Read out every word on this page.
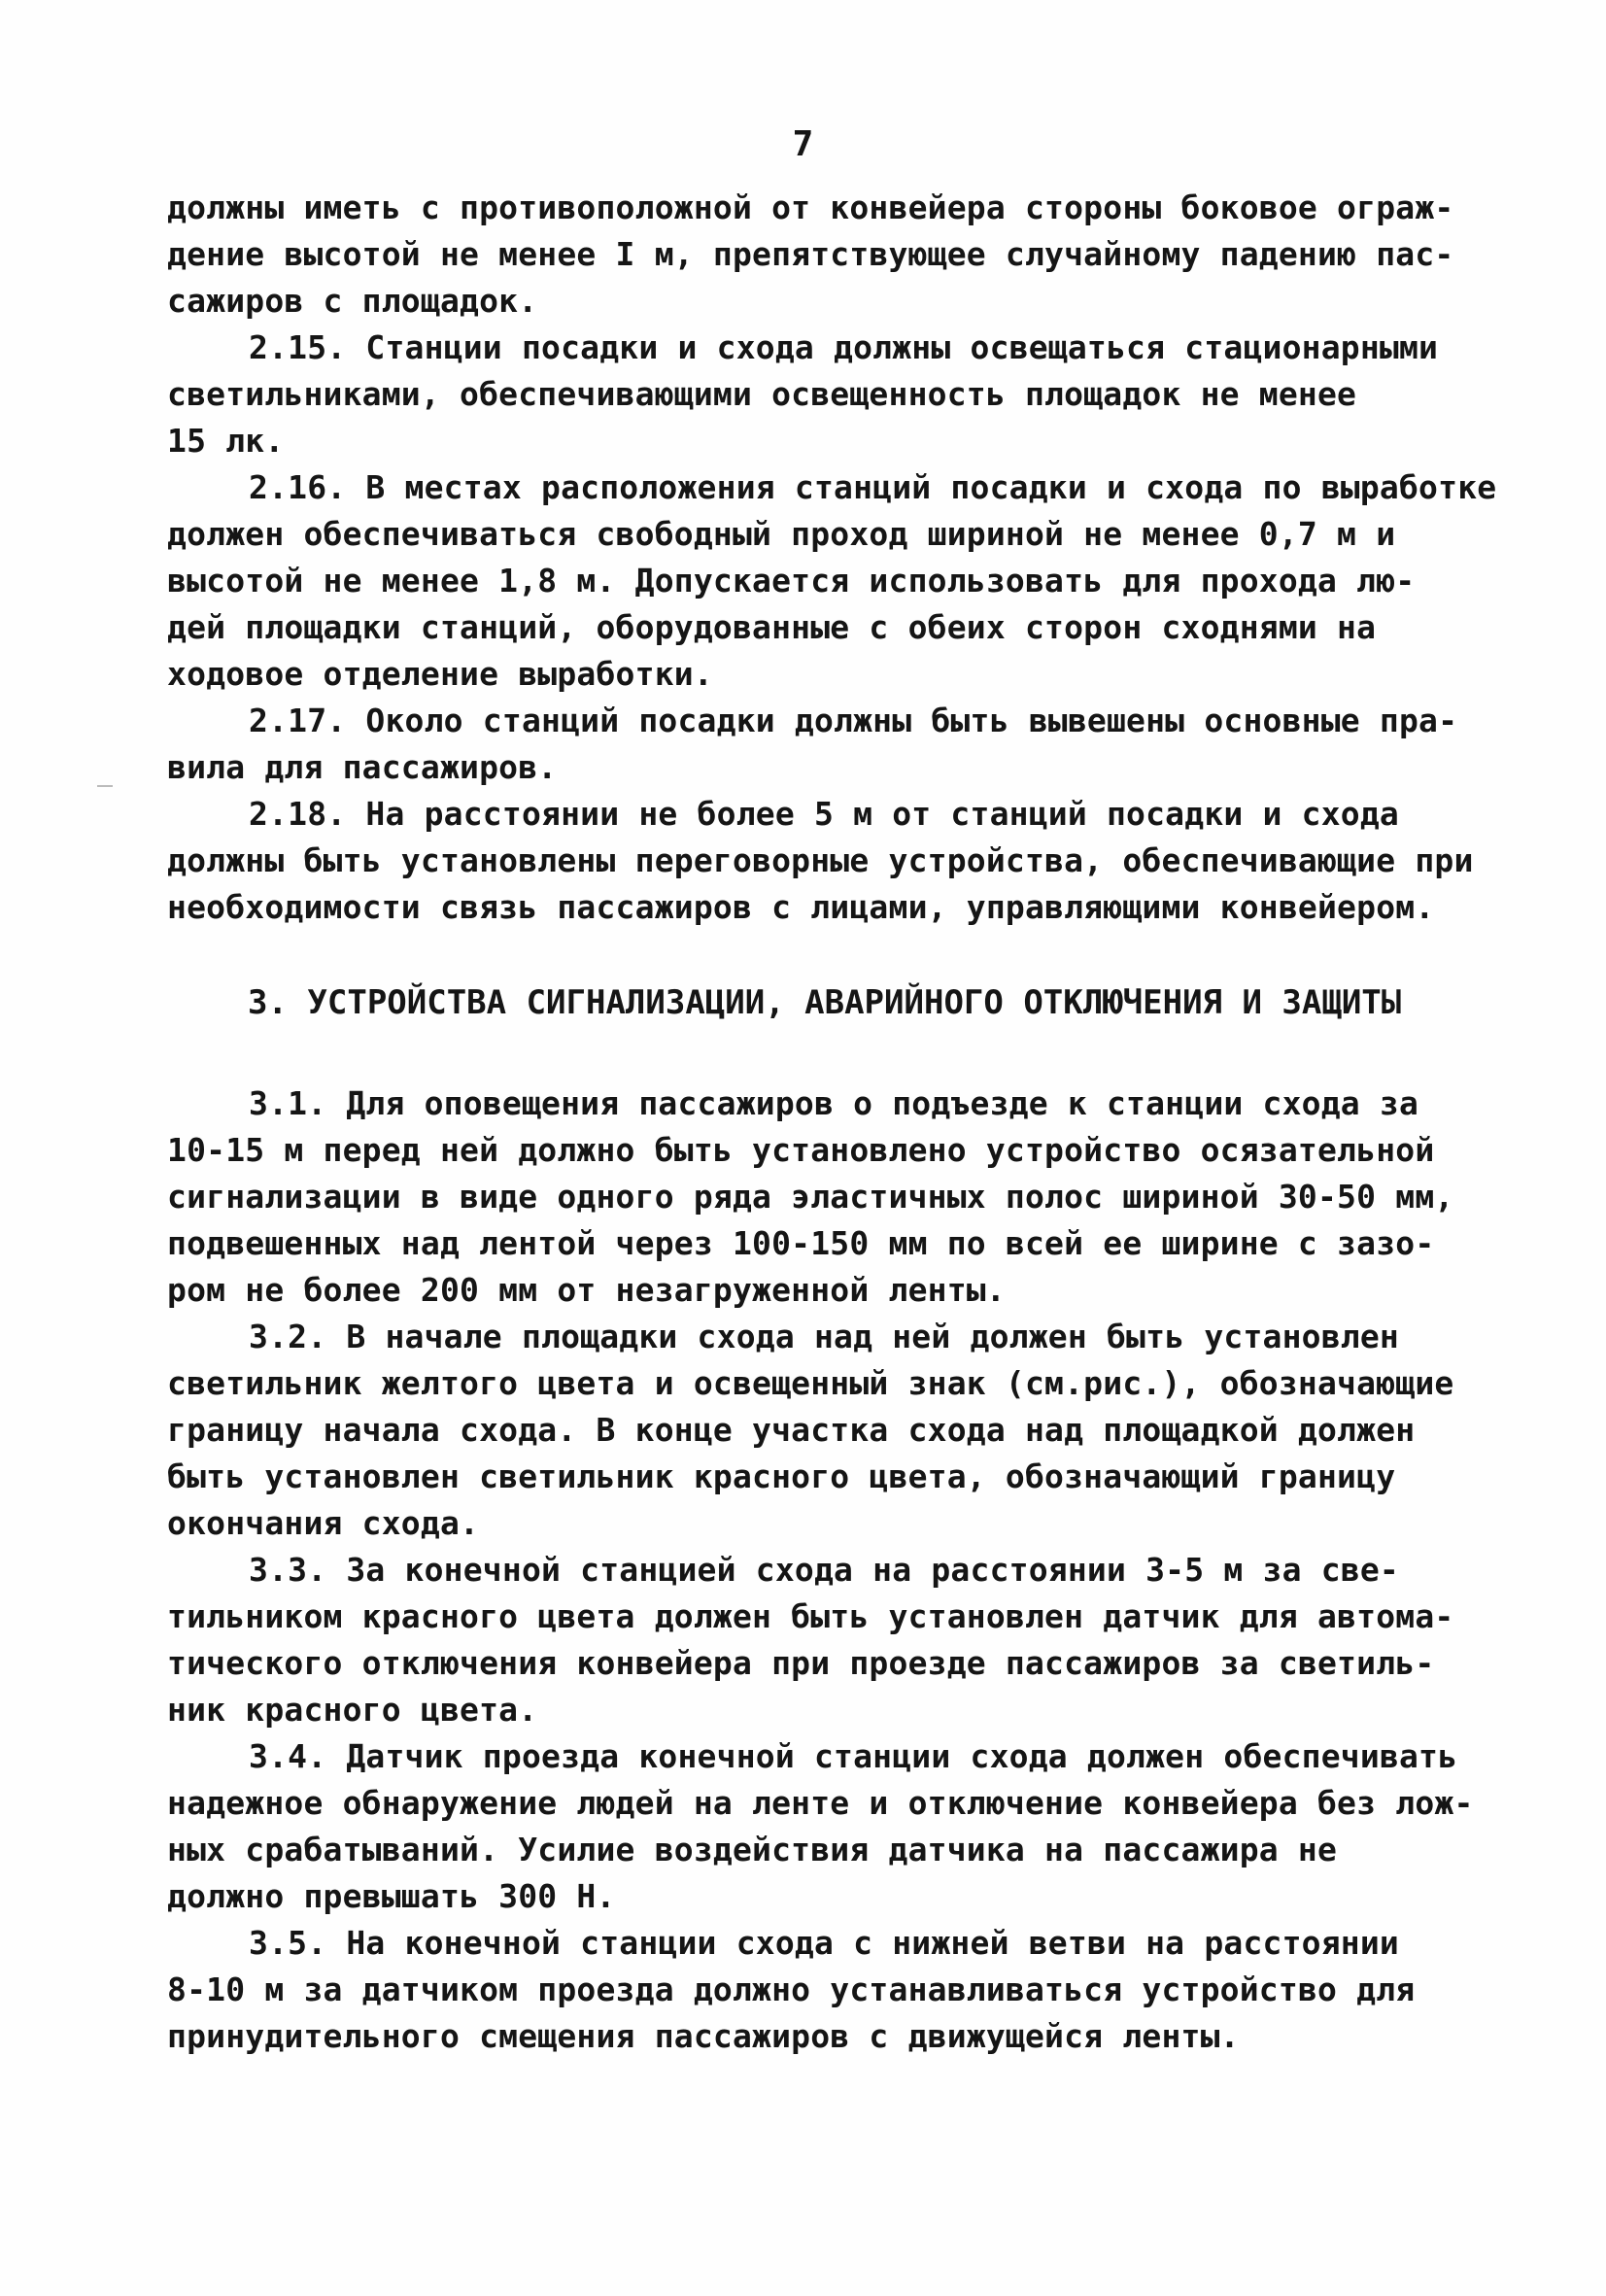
7
должны иметь с противоположной от конвейера стороны боковое ограж-
дение высотой не менее I м, препятствующее случайному падению пас-
сажиров с площадок.
2.15. Станции посадки и схода должны освещаться стационарными
светильниками, обеспечивающими освещенность площадок не менее
15 лк.
2.16. В местах расположения станций посадки и схода по выработке
должен обеспечиваться свободный проход шириной не менее 0,7 м и
высотой не менее 1,8 м. Допускается использовать для прохода лю-
дей площадки станций, оборудованные с обеих сторон сходнями на
ходовое отделение выработки.
2.17. Около станций посадки должны быть вывешены основные пра-
вила для пассажиров.
2.18. На расстоянии не более 5 м от станций посадки и схода
должны быть установлены переговорные устройства, обеспечивающие при
необходимости связь пассажиров с лицами, управляющими конвейером.
3. УСТРОЙСТВА СИГНАЛИЗАЦИИ, АВАРИЙНОГО ОТКЛЮЧЕНИЯ И ЗАЩИТЫ
3.1. Для оповещения пассажиров о подъезде к станции схода за
10-15 м перед ней должно быть установлено устройство осязательной
сигнализации в виде одного ряда эластичных полос шириной 30-50 мм,
подвешенных над лентой через 100-150 мм по всей ее ширине с зазо-
ром не более 200 мм от незагруженной ленты.
3.2. В начале площадки схода над ней должен быть установлен
светильник желтого цвета и освещенный знак (см.рис.), обозначающие
границу начала схода. В конце участка схода над площадкой должен
быть установлен светильник красного цвета, обозначающий границу
окончания схода.
3.3. За конечной станцией схода на расстоянии 3-5 м за све-
тильником красного цвета должен быть установлен датчик для автома-
тического отключения конвейера при проезде пассажиров за светиль-
ник красного цвета.
3.4. Датчик проезда конечной станции схода должен обеспечивать
надежное обнаружение людей на ленте и отключение конвейера без лож-
ных срабатываний. Усилие воздействия датчика на пассажира не
должно превышать 300 Н.
3.5. На конечной станции схода с нижней ветви на расстоянии
8-10 м за датчиком проезда должно устанавливаться устройство для
принудительного смещения пассажиров с движущейся ленты.
